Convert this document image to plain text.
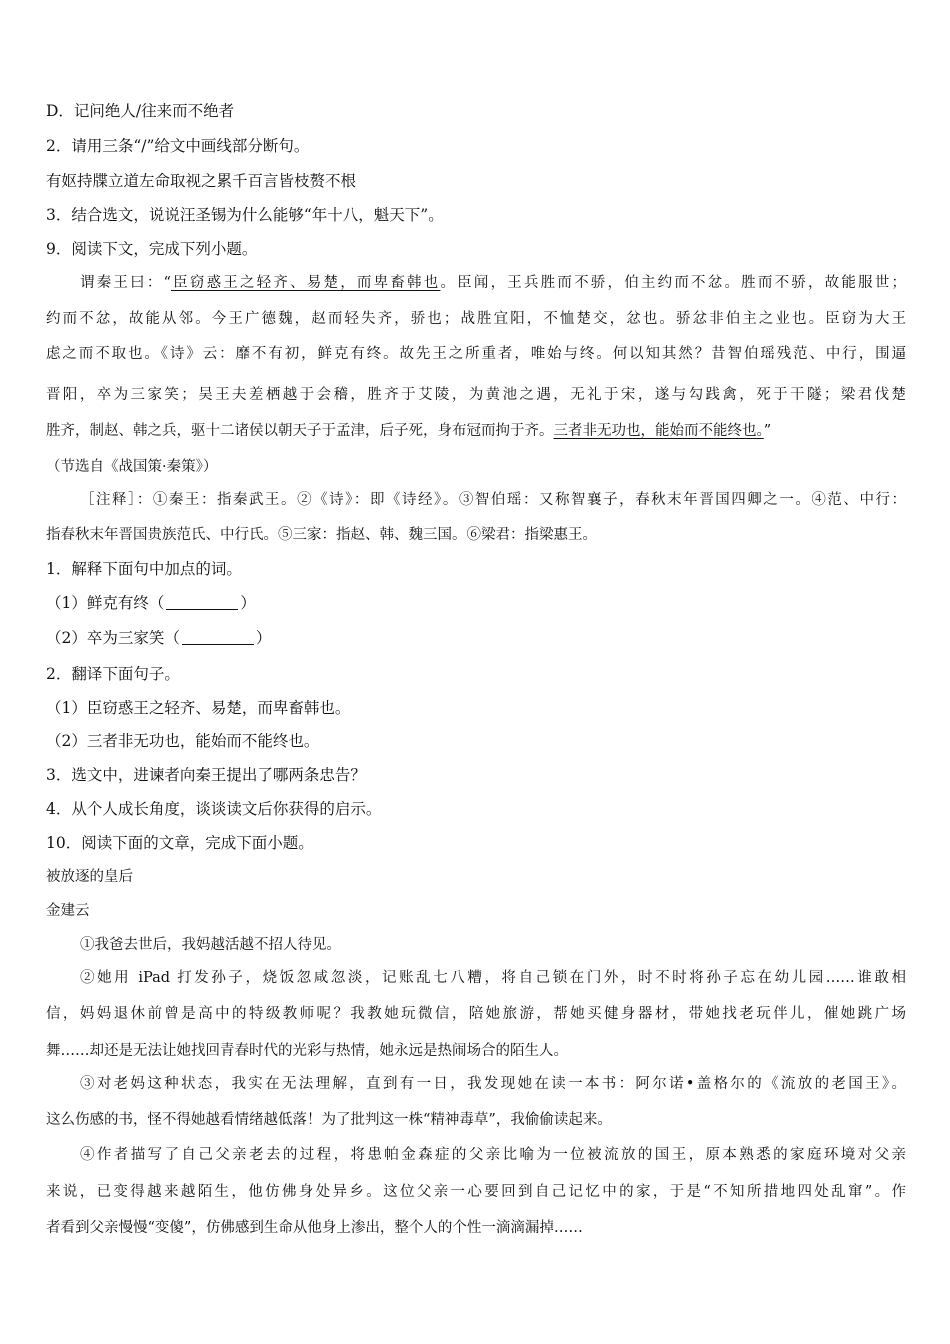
D．记问绝人/往来而不绝者
2．请用三条“/”给文中画线部分断句。
有妪持牒立道左命取视之累千百言皆枝赘不根
3．结合选文，说说汪圣锡为什么能够“年十八，魁天下”。
9．阅读下文，完成下列小题。
谓秦王曰：“臣窃惑王之轻齐、易楚，而卑畜韩也。臣闻，王兵胜而不骄，伯主约而不忿。胜而不骄，故能服世；
约而不忿，故能从邻。今王广德魏，赵而轻失齐，骄也；战胜宜阳，不恤楚交，忿也。骄忿非伯主之业也。臣窃为大王
虑之而不取也。《诗》云：靡不有初，鲜克有终。故先王之所重者，唯始与终。何以知其然？昔智伯瑶残范、中行，围逼
晋阳，卒为三家笑；吴王夫差栖越于会稽，胜齐于艾陵，为黄池之遇，无礼于宋，遂与勾践禽，死于干隧；梁君伐楚
胜齐，制赵、韩之兵，驱十二诸侯以朝天子于孟津，后子死，身布冠而拘于齐。三者非无功也，能始而不能终也。”
（节选自《战国策·秦策》）
［注释］：①秦王：指秦武王。②《诗》：即《诗经》。③智伯瑶：又称智襄子，春秋末年晋国四卿之一。④范、中行：
指春秋末年晋国贵族范氏、中行氏。⑤三家：指赵、韩、魏三国。⑥梁君：指梁惠王。
1．解释下面句中加点的词。
（1）鲜克有终（	）
（2）卒为三家笑（	）
2．翻译下面句子。
（1）臣窃惑王之轻齐、易楚，而卑畜韩也。
（2）三者非无功也，能始而不能终也。
3．选文中，进谏者向秦王提出了哪两条忠告？
4．从个人成长角度，谈谈读文后你获得的启示。
10．阅读下面的文章，完成下面小题。
被放逐的皇后
金建云
①我爸去世后，我妈越活越不招人待见。
②她用 iPad 打发孙子，烧饭忽咸忽淡，记账乱七八糟，将自己锁在门外，时不时将孙子忘在幼儿园……谁敢相
信，妈妈退休前曾是高中的特级教师呢？我教她玩微信，陪她旅游，帮她买健身器材，带她找老玩伴儿，催她跳广场
舞……却还是无法让她找回青春时代的光彩与热情，她永远是热闹场合的陌生人。
③对老妈这种状态，我实在无法理解，直到有一日，我发现她在读一本书：阿尔诺•盖格尔的《流放的老国王》。
这么伤感的书，怪不得她越看情绪越低落！为了批判这一株“精神毒草”，我偷偷读起来。
④作者描写了自己父亲老去的过程，将患帕金森症的父亲比喻为一位被流放的国王，原本熟悉的家庭环境对父亲
来说，已变得越来越陌生，他仿佛身处异乡。这位父亲一心要回到自己记忆中的家，于是“不知所措地四处乱窜”。作
者看到父亲慢慢“变傻”，仿佛感到生命从他身上渗出，整个人的个性一滴滴漏掉……
